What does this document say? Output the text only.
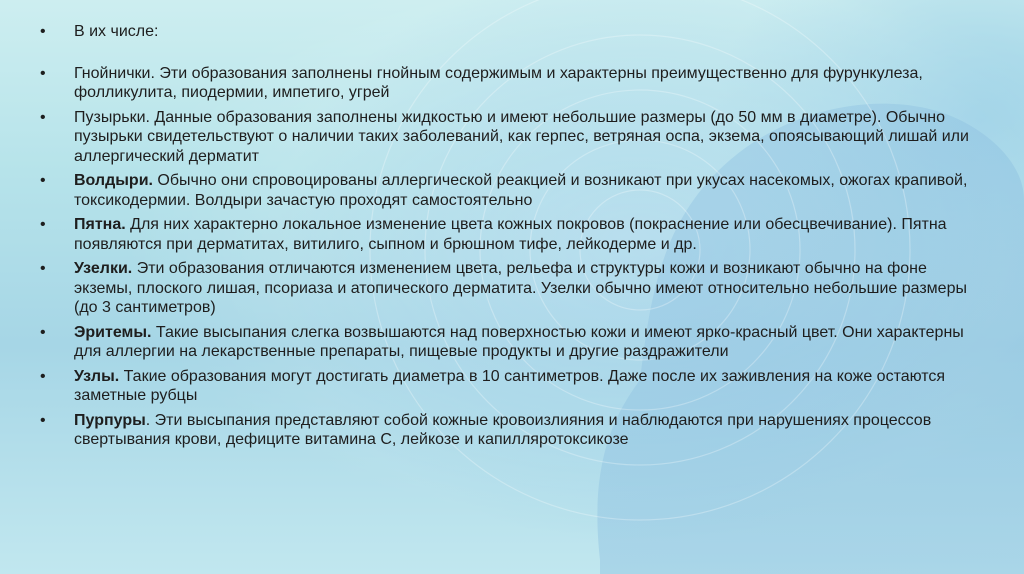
• В их числе:
• Гнойнички. Эти образования заполнены гнойным содержимым и характерны преимущественно для фурункулеза, фолликулита, пиодермии, импетиго, угрей
• Пузырьки. Данные образования заполнены жидкостью и имеют небольшие размеры (до 50 мм в диаметре). Обычно пузырьки свидетельствуют о наличии таких заболеваний, как герпес, ветряная оспа, экзема, опоясывающий лишай или аллергический дерматит
• Волдыри. Обычно они спровоцированы аллергической реакцией и возникают при укусах насекомых, ожогах крапивой, токсикодермии. Волдыри зачастую проходят самостоятельно
• Пятна. Для них характерно локальное изменение цвета кожных покровов (покраснение или обесцвечивание). Пятна появляются при дерматитах, витилиго, сыпном и брюшном тифе, лейкодерме и др.
• Узелки. Эти образования отличаются изменением цвета, рельефа и структуры кожи и возникают обычно на фоне экземы, плоского лишая, псориаза и атопического дерматита. Узелки обычно имеют относительно небольшие размеры (до 3 сантиметров)
• Эритемы. Такие высыпания слегка возвышаются над поверхностью кожи и имеют ярко-красный цвет. Они характерны для аллергии на лекарственные препараты, пищевые продукты и другие раздражители
• Узлы. Такие образования могут достигать диаметра в 10 сантиметров. Даже после их заживления на коже остаются заметные рубцы
• Пурпуры. Эти высыпания представляют собой кожные кровоизлияния и наблюдаются при нарушениях процессов свертывания крови, дефиците витамина С, лейкозе и капилляротоксикозе
